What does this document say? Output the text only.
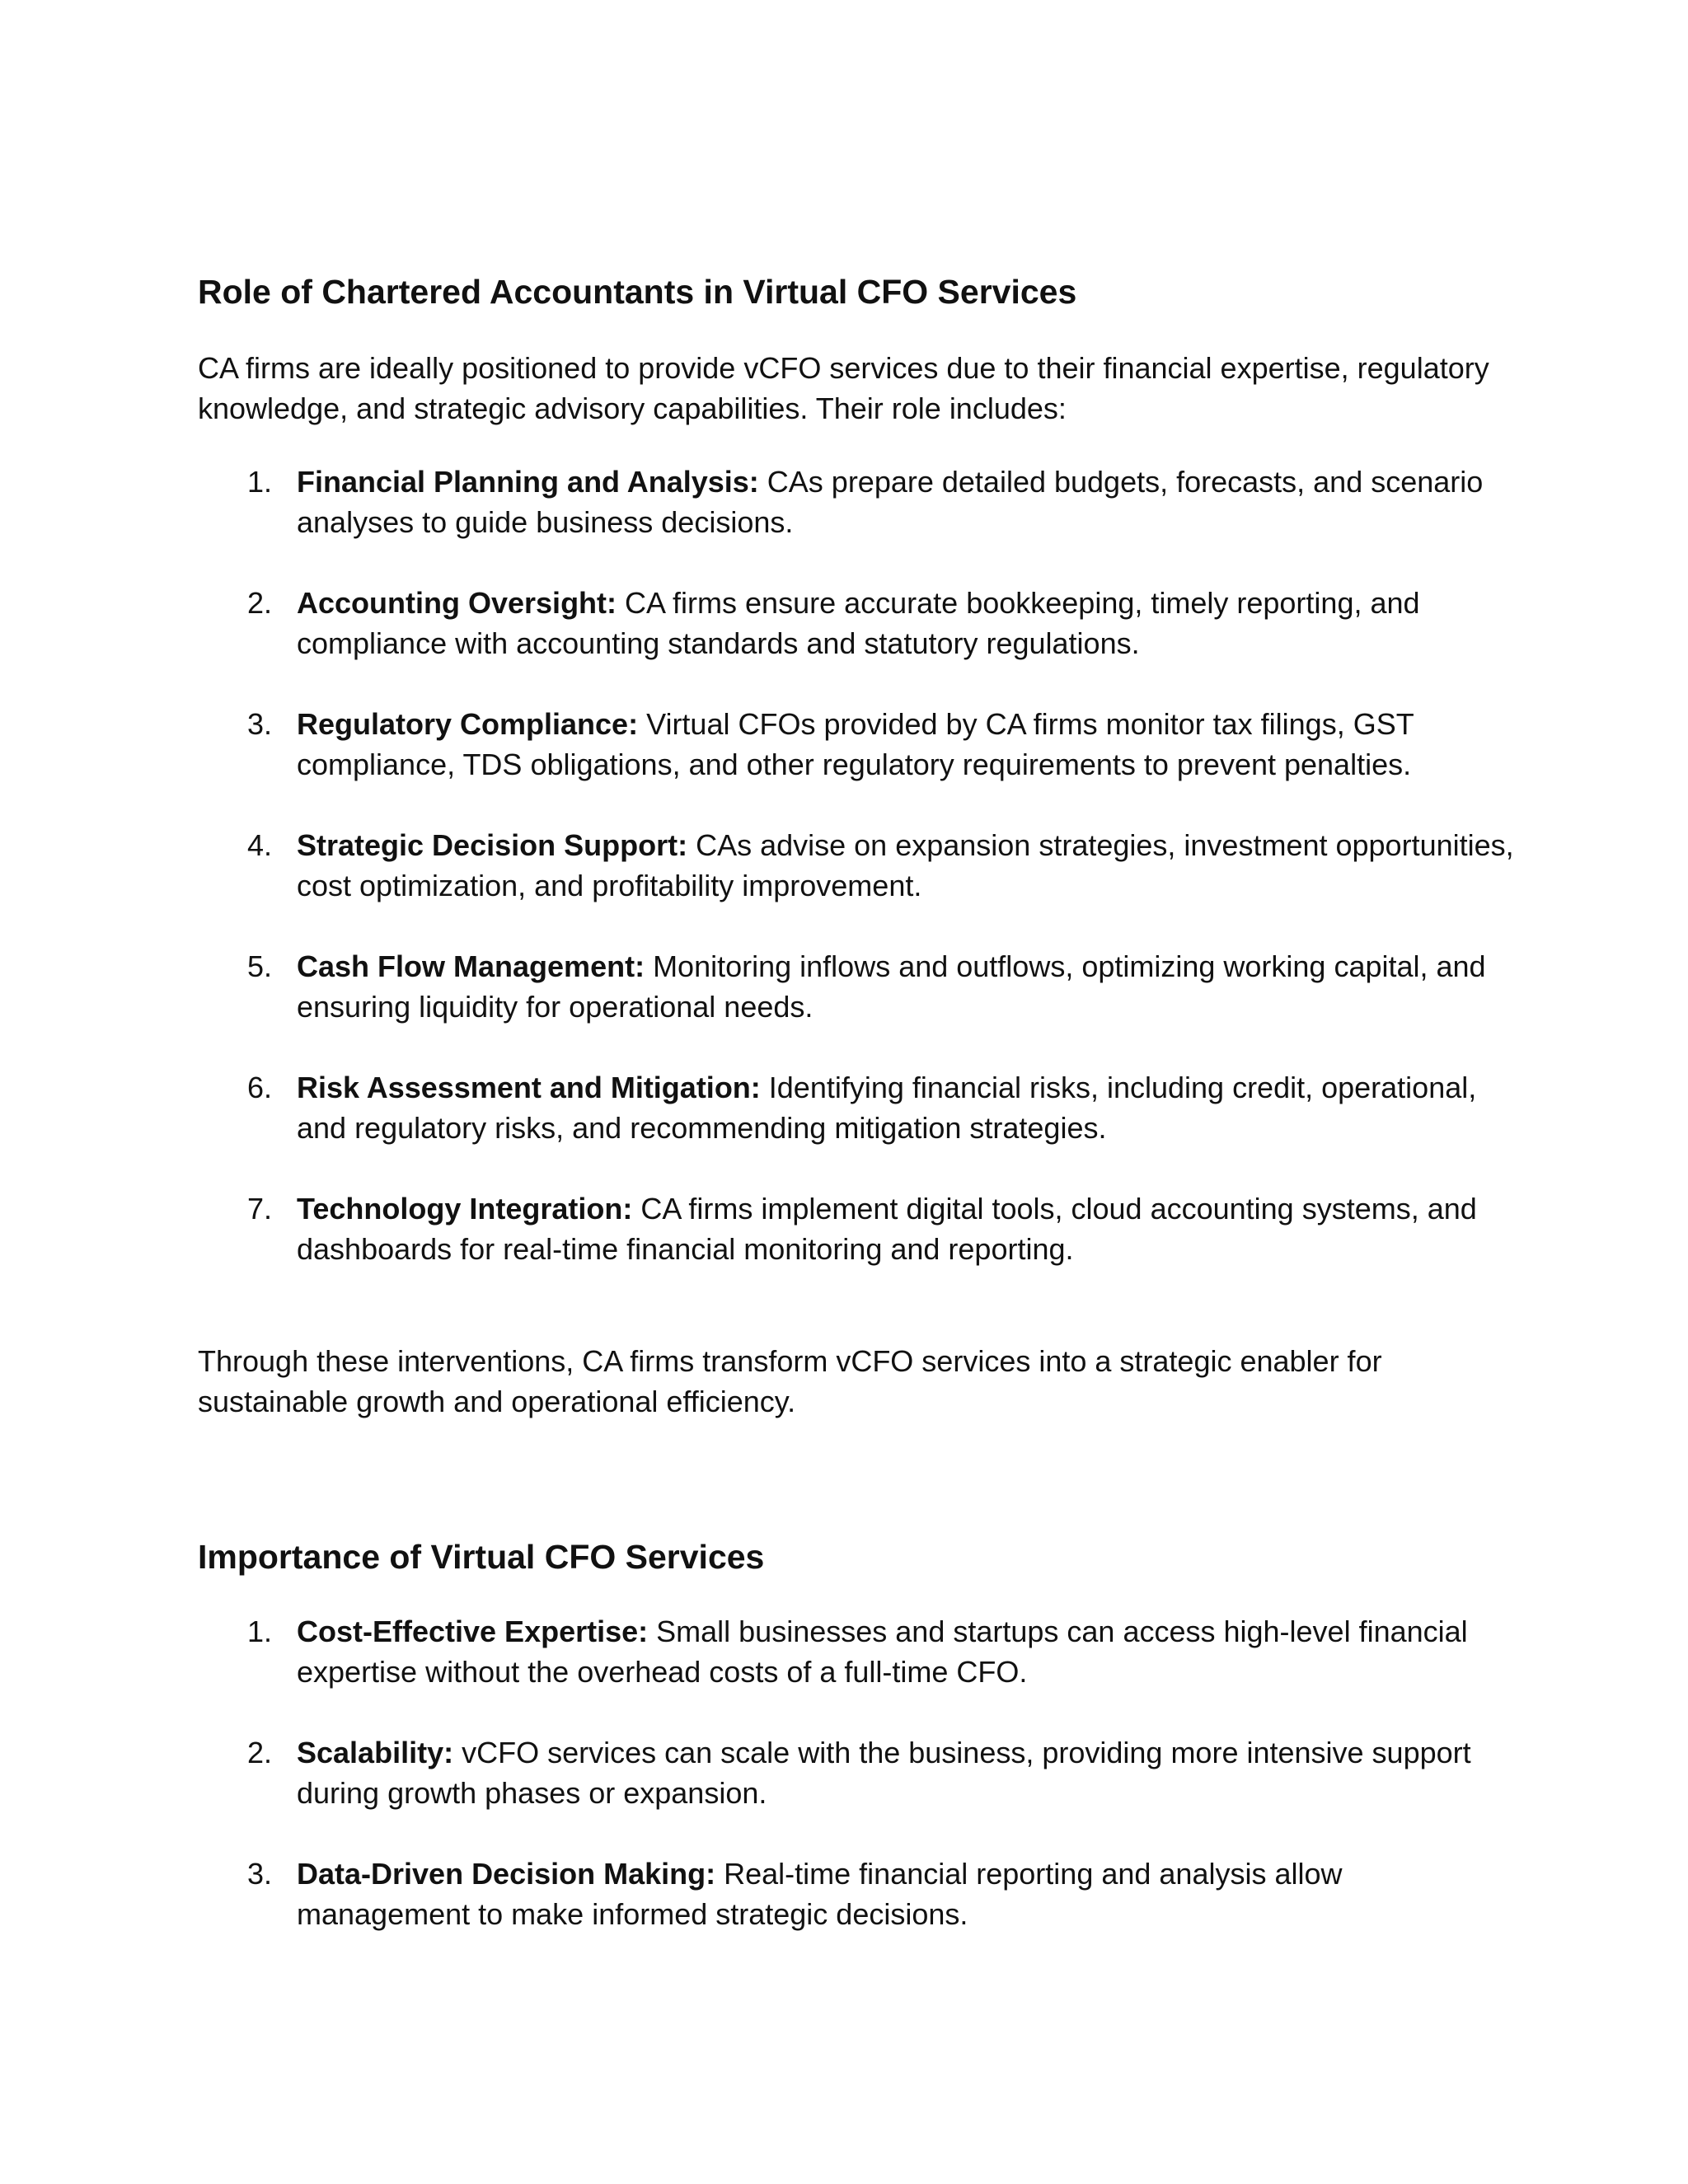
Role of Chartered Accountants in Virtual CFO Services

CA firms are ideally positioned to provide vCFO services due to their financial expertise, regulatory knowledge, and strategic advisory capabilities. Their role includes:

1. Financial Planning and Analysis: CAs prepare detailed budgets, forecasts, and scenario analyses to guide business decisions.
2. Accounting Oversight: CA firms ensure accurate bookkeeping, timely reporting, and compliance with accounting standards and statutory regulations.
3. Regulatory Compliance: Virtual CFOs provided by CA firms monitor tax filings, GST compliance, TDS obligations, and other regulatory requirements to prevent penalties.
4. Strategic Decision Support: CAs advise on expansion strategies, investment opportunities, cost optimization, and profitability improvement.
5. Cash Flow Management: Monitoring inflows and outflows, optimizing working capital, and ensuring liquidity for operational needs.
6. Risk Assessment and Mitigation: Identifying financial risks, including credit, operational, and regulatory risks, and recommending mitigation strategies.
7. Technology Integration: CA firms implement digital tools, cloud accounting systems, and dashboards for real-time financial monitoring and reporting.

Through these interventions, CA firms transform vCFO services into a strategic enabler for sustainable growth and operational efficiency.

Importance of Virtual CFO Services
1. Cost-Effective Expertise: Small businesses and startups can access high-level financial expertise without the overhead costs of a full-time CFO.
2. Scalability: vCFO services can scale with the business, providing more intensive support during growth phases or expansion.
3. Data-Driven Decision Making: Real-time financial reporting and analysis allow management to make informed strategic decisions.
